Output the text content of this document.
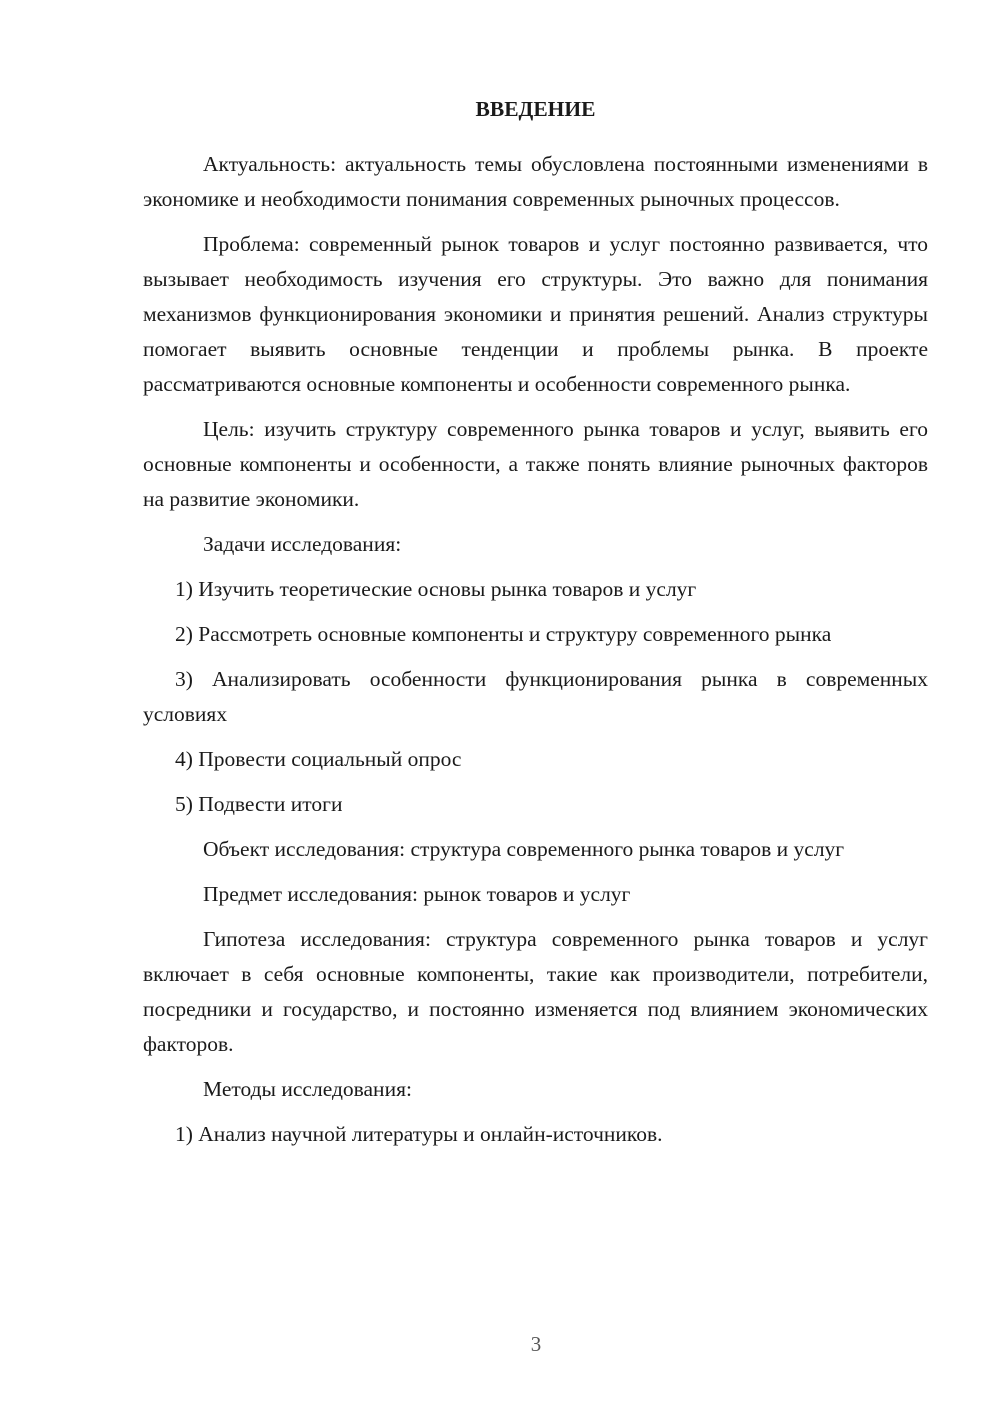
ВВЕДЕНИЕ

Актуальность: актуальность темы обусловлена постоянными изменениями в экономике и необходимости понимания современных рыночных процессов.

Проблема: современный рынок товаров и услуг постоянно развивается, что вызывает необходимость изучения его структуры. Это важно для понимания механизмов функционирования экономики и принятия решений. Анализ структуры помогает выявить основные тенденции и проблемы рынка. В проекте рассматриваются основные компоненты и особенности современного рынка.

Цель: изучить структуру современного рынка товаров и услуг, выявить его основные компоненты и особенности, а также понять влияние рыночных факторов на развитие экономики.

Задачи исследования:

1) Изучить теоретические основы рынка товаров и услуг

2) Рассмотреть основные компоненты и структуру современного рынка

3) Анализировать особенности функционирования рынка в современных условиях

4) Провести социальный опрос

5) Подвести итоги

Объект исследования: структура современного рынка товаров и услуг

Предмет исследования: рынок товаров и услуг

Гипотеза исследования: структура современного рынка товаров и услуг включает в себя основные компоненты, такие как производители, потребители, посредники и государство, и постоянно изменяется под влиянием экономических факторов.

Методы исследования:

1) Анализ научной литературы и онлайн-источников.

3
